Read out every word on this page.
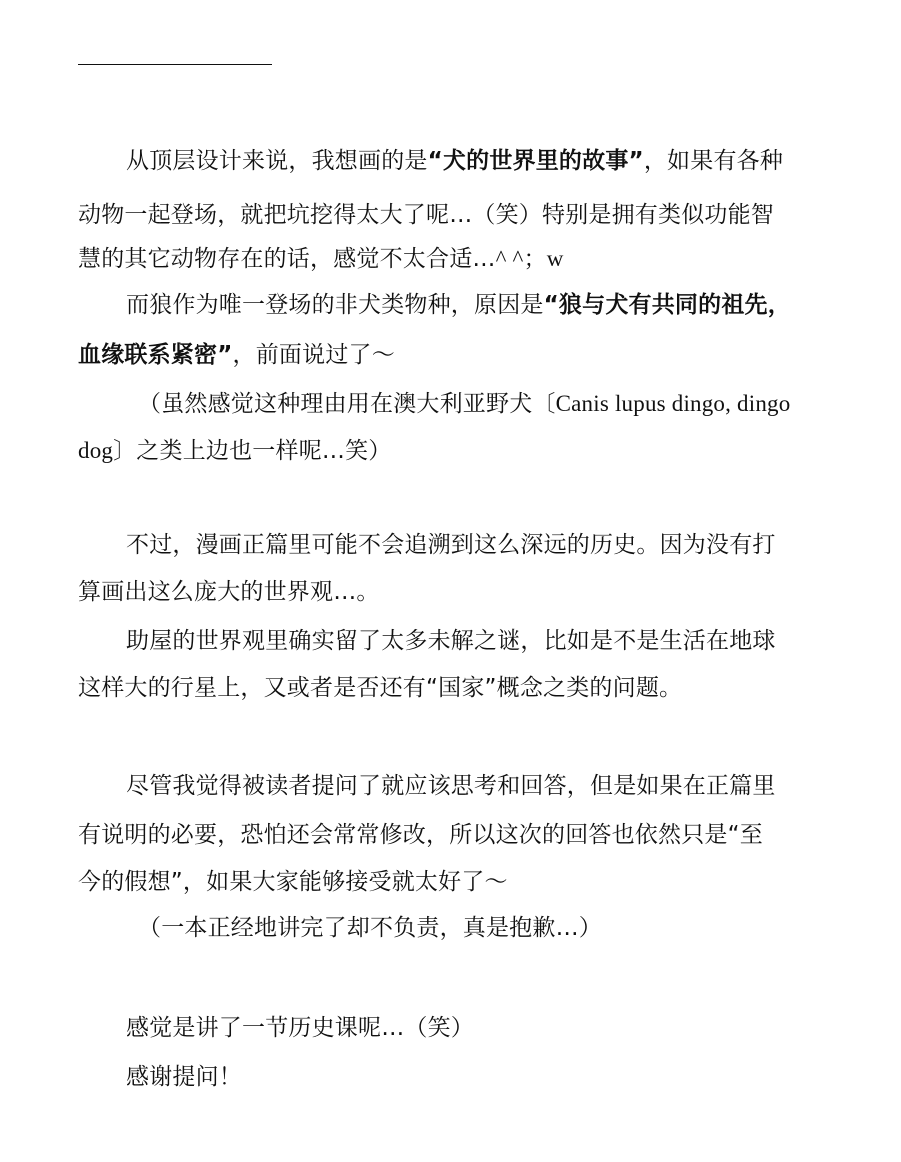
从顶层设计来说，我想画的是“犬的世界里的故事”，如果有各种
动物一起登场，就把坑挖得太大了呢…（笑）特别是拥有类似功能智
慧的其它动物存在的话，感觉不太合适…^ ^；w
而狼作为唯一登场的非犬类物种，原因是“狼与犬有共同的祖先，
血缘联系紧密”，前面说过了～
（虽然感觉这种理由用在澳大利亚野犬〔Canis lupus dingo, dingo
dog〕之类上边也一样呢…笑）
不过，漫画正篇里可能不会追溯到这么深远的历史。因为没有打
算画出这么庞大的世界观…。
助屋的世界观里确实留了太多未解之谜，比如是不是生活在地球
这样大的行星上，又或者是否还有“国家”概念之类的问题。
尽管我觉得被读者提问了就应该思考和回答，但是如果在正篇里
有说明的必要，恐怕还会常常修改，所以这次的回答也依然只是“至
今的假想”，如果大家能够接受就太好了～
（一本正经地讲完了却不负责，真是抱歉…）
感觉是讲了一节历史课呢…（笑）
感谢提问！
